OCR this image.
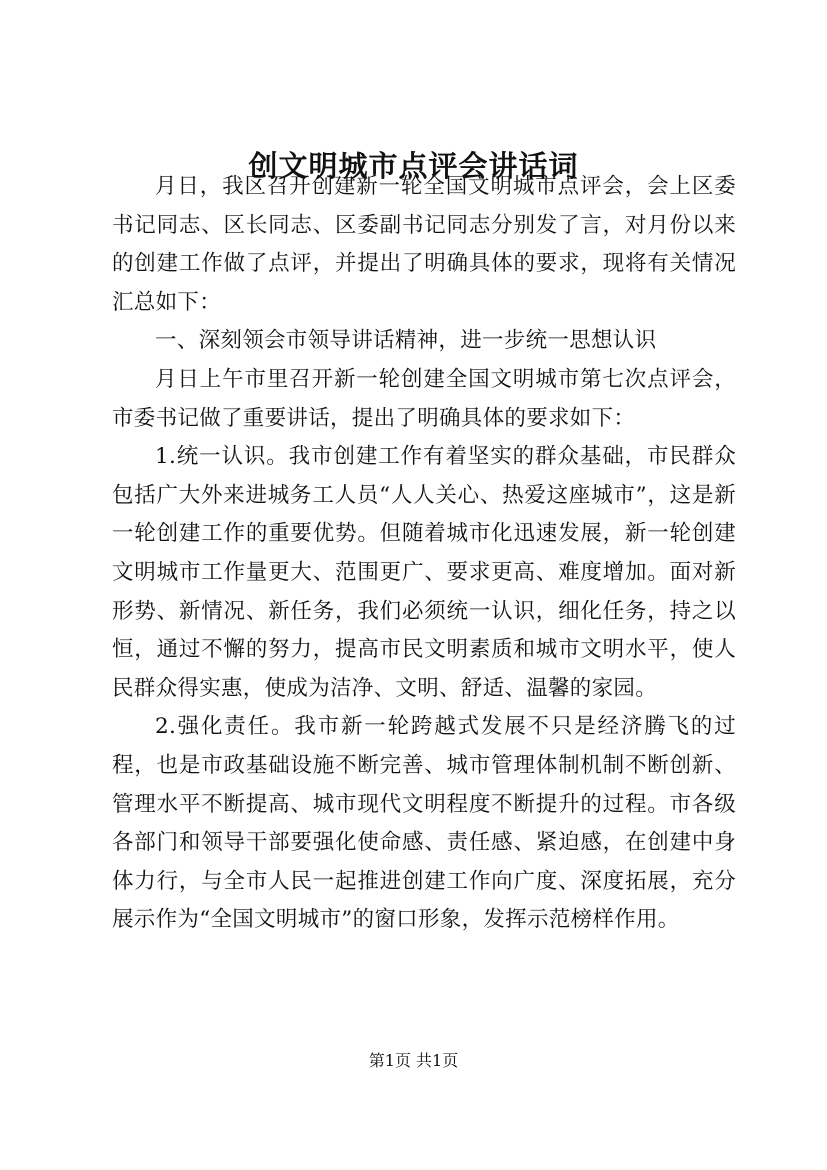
创文明城市点评会讲话词

月日，我区召开创建新一轮全国文明城市点评会，会上区委书记同志、区长同志、区委副书记同志分别发了言，对月份以来的创建工作做了点评，并提出了明确具体的要求，现将有关情况汇总如下：

一、深刻领会市领导讲话精神，进一步统一思想认识

月日上午市里召开新一轮创建全国文明城市第七次点评会，市委书记做了重要讲话，提出了明确具体的要求如下：

1.统一认识。我市创建工作有着坚实的群众基础，市民群众包括广大外来进城务工人员“人人关心、热爱这座城市”，这是新一轮创建工作的重要优势。但随着城市化迅速发展，新一轮创建文明城市工作量更大、范围更广、要求更高、难度增加。面对新形势、新情况、新任务，我们必须统一认识，细化任务，持之以恒，通过不懈的努力，提高市民文明素质和城市文明水平，使人民群众得实惠，使成为洁净、文明、舒适、温馨的家园。

2.强化责任。我市新一轮跨越式发展不只是经济腾飞的过程，也是市政基础设施不断完善、城市管理体制机制不断创新、管理水平不断提高、城市现代文明程度不断提升的过程。市各级各部门和领导干部要强化使命感、责任感、紧迫感，在创建中身体力行，与全市人民一起推进创建工作向广度、深度拓展，充分展示作为“全国文明城市”的窗口形象，发挥示范榜样作用。

第1页 共1页
